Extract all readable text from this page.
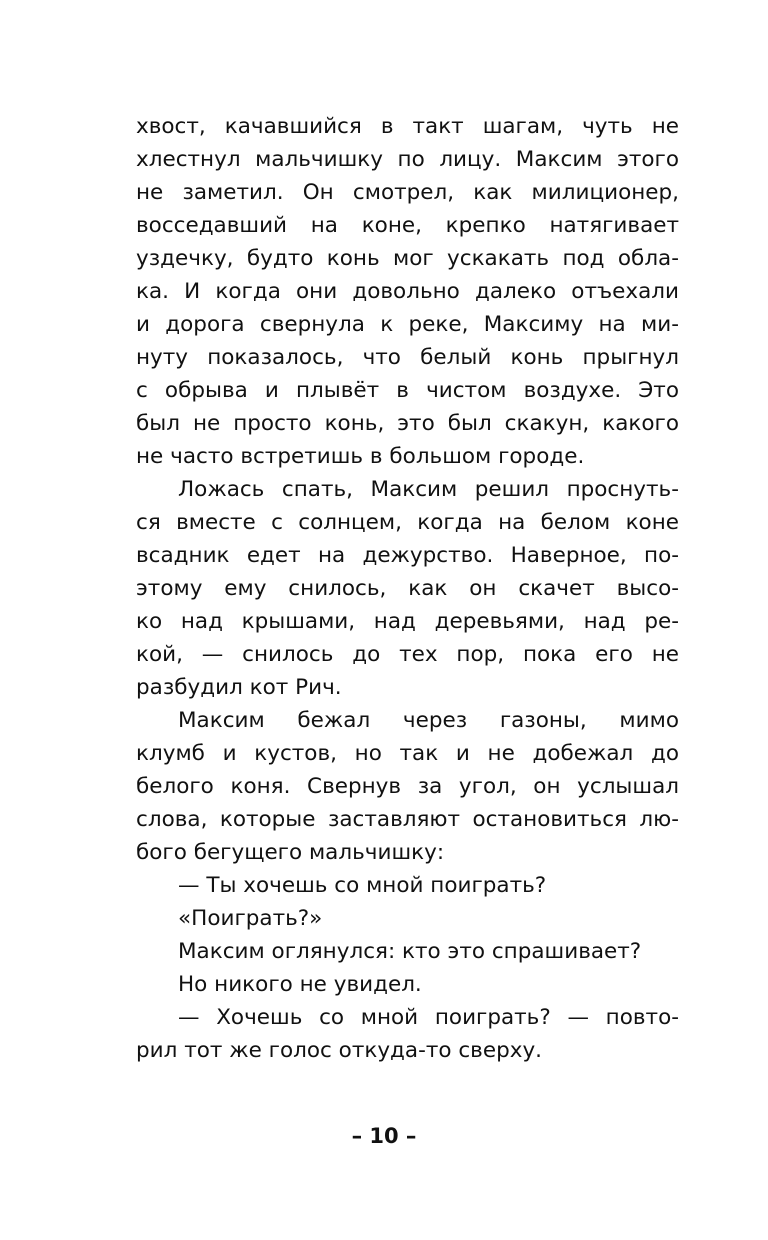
хвост, качавшийся в такт шагам, чуть не
хлестнул мальчишку по лицу. Максим этого
не заметил. Он смотрел, как милиционер,
восседавший на коне, крепко натягивает
уздечку, будто конь мог ускакать под обла-
ка. И когда они довольно далеко отъехали
и дорога свернула к реке, Максиму на ми-
нуту показалось, что белый конь прыгнул
с обрыва и плывёт в чистом воздухе. Это
был не просто конь, это был скакун, какого
не часто встретишь в большом городе.
Ложась спать, Максим решил проснуть-
ся вместе с солнцем, когда на белом коне
всадник едет на дежурство. Наверное, по-
этому ему снилось, как он скачет высо-
ко над крышами, над деревьями, над ре-
кой, — снилось до тех пор, пока его не
разбудил кот Рич.
Максим бежал через газоны, мимо
клумб и кустов, но так и не добежал до
белого коня. Свернув за угол, он услышал
слова, которые заставляют остановиться лю-
бого бегущего мальчишку:
— Ты хочешь со мной поиграть?
«Поиграть?»
Максим оглянулся: кто это спрашивает?
Но никого не увидел.
— Хочешь со мной поиграть? — повто-
рил тот же голос откуда-то сверху.
– 10 –
